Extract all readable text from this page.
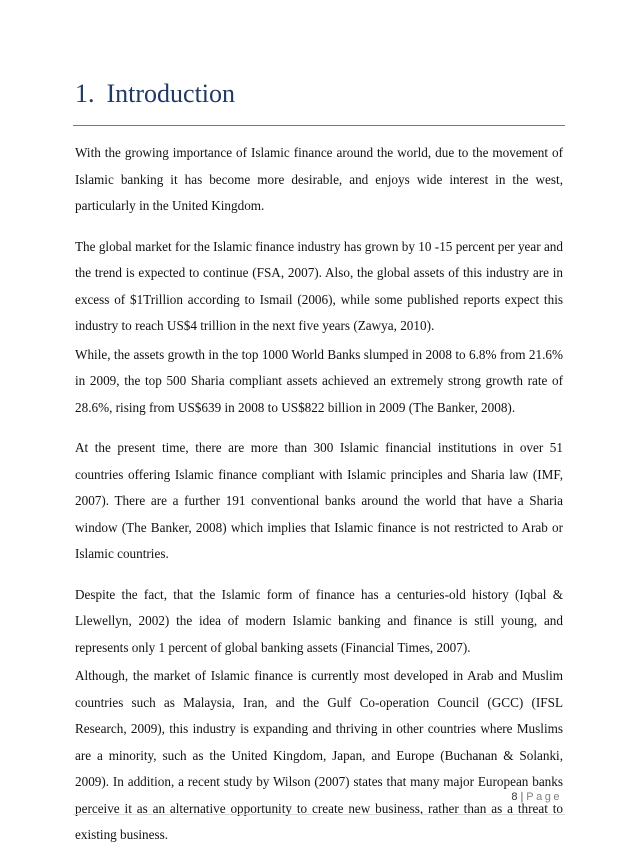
1. Introduction

With the growing importance of Islamic finance around the world, due to the movement of Islamic banking it has become more desirable, and enjoys wide interest in the west, particularly in the United Kingdom.

The global market for the Islamic finance industry has grown by 10 -15 percent per year and the trend is expected to continue (FSA, 2007). Also, the global assets of this industry are in excess of $1Trillion according to Ismail (2006), while some published reports expect this industry to reach US$4 trillion in the next five years (Zawya, 2010).

While, the assets growth in the top 1000 World Banks slumped in 2008 to 6.8% from 21.6% in 2009, the top 500 Sharia compliant assets achieved an extremely strong growth rate of 28.6%, rising from US$639 in 2008 to US$822 billion in 2009 (The Banker, 2008).

At the present time, there are more than 300 Islamic financial institutions in over 51 countries offering Islamic finance compliant with Islamic principles and Sharia law (IMF, 2007). There are a further 191 conventional banks around the world that have a Sharia window (The Banker, 2008) which implies that Islamic finance is not restricted to Arab or Islamic countries.

Despite the fact, that the Islamic form of finance has a centuries-old history (Iqbal & Llewellyn, 2002) the idea of modern Islamic banking and finance is still young, and represents only 1 percent of global banking assets (Financial Times, 2007).

Although, the market of Islamic finance is currently most developed in Arab and Muslim countries such as Malaysia, Iran, and the Gulf Co-operation Council (GCC) (IFSL Research, 2009), this industry is expanding and thriving in other countries where Muslims are a minority, such as the United Kingdom, Japan, and Europe (Buchanan & Solanki, 2009). In addition, a recent study by Wilson (2007) states that many major European banks perceive it as an alternative opportunity to create new business, rather than as a threat to existing business.

8 | Page
